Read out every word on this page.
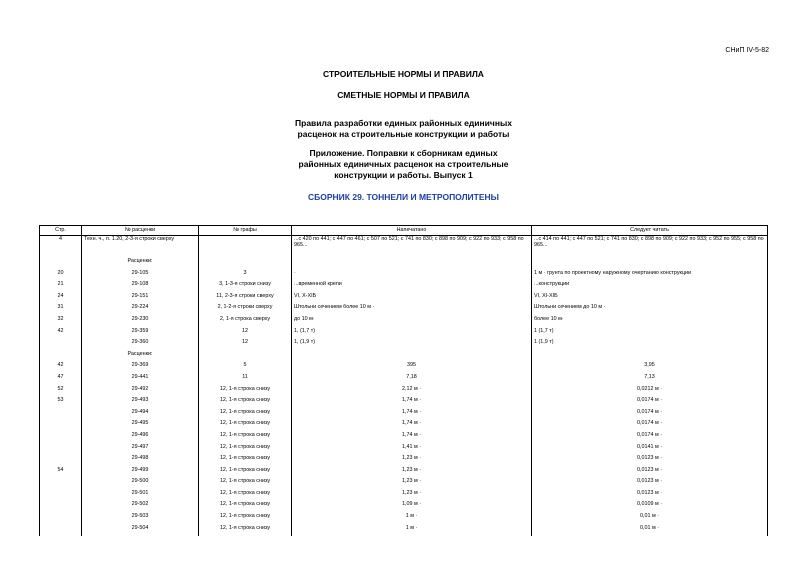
СНиП IV-5-82
СТРОИТЕЛЬНЫЕ НОРМЫ И ПРАВИЛА
СМЕТНЫЕ НОРМЫ И ПРАВИЛА
Правила разработки единых районных единичных
расценок на строительные конструкции и работы
Приложение. Поправки к сборникам единых
районных единичных расценок на строительные
конструкции и работы. Выпуск 1
СБОРНИК 29. ТОННЕЛИ И МЕТРОПОЛИТЕНЫ
Стр.	№ расценки	№ графы	Напечатано	Следует читать
4	Техн. ч., п. 1.20, 2-3-я строки сверху		...с 420 по 441; с 447 по 461; с 507 по 521; с 741 по 830; с 898 по 909; с 922 по 933; с 958 по 965...	...с 414 по 441; с 447 по 521; с 741 по 830; с 898 по 909; с 922 по 933; с 952 по 955; с 958 по 965...
	Расценки:			
20	29-105	3	·	1 м · грунта по проектному наружному очертанию конструкции
21	29-108	3, 1-3-я строки снизу	...временной крепи	...конструкции
24	29-151	11, 2-3-я строки сверху	VI, Х-ХIБ	VI, XI-XIБ
31	29-224	2, 1-2-я строки сверху	Штольни сечением более 10 м ·	Штольни сечением до 10 м ·
32	29-230	2, 1-я строка сверху	до 10 м·	более 10 м·
42	29-359	12	1, (1,7 т)	1 (1,7 т)
	29-360	12	1, (1,9 т)	1 (1,9 т)
	Расценки:			
42	29-369	5	395	3,95
47	29-441	11	7,18	7,13
52	29-492	12, 1-я строка снизу	2,12 м ·	0,0212 м ·
53	29-493	12, 1-я строка снизу	1,74 м ·	0,0174 м ·
	29-494	12, 1-я строка снизу	1,74 м ·	0,0174 м ·
	29-495	12, 1-я строка снизу	1,74 м ·	0,0174 м ·
	29-496	12, 1-я строка снизу	1,74 м ·	0,0174 м ·
	29-497	12, 1-я строка снизу	1,41 м ·	0,0141 м ·
	29-498	12, 1-я строка снизу	1,23 м ·	0,0123 м ·
54	29-499	12, 1-я строка снизу	1,23 м ·	0,0123 м ·
	29-500	12, 1-я строка снизу	1,23 м ·	0,0123 м ·
	29-501	12, 1-я строка снизу	1,23 м ·	0,0123 м ·
	29-502	12, 1-я строка снизу	1,09 м ·	0,0109 м ·
	29-503	12, 1-я строка снизу	1 м ·	0,01 м ·
	29-504	12, 1-я строка снизу	1 м ·	0,01 м ·
